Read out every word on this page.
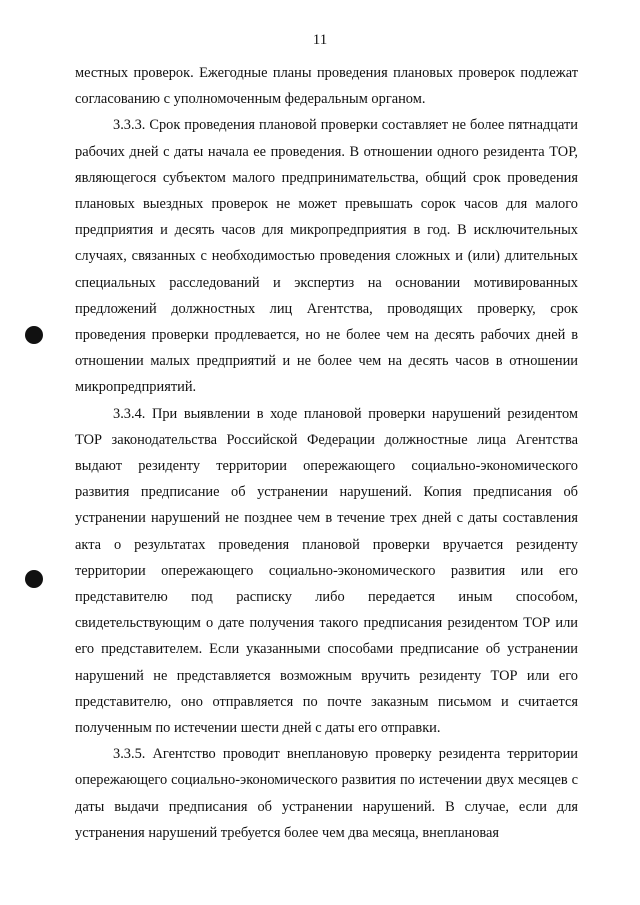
11

местных проверок. Ежегодные планы проведения плановых проверок подлежат согласованию с уполномоченным федеральным органом.

3.3.3. Срок проведения плановой проверки составляет не более пятнадцати рабочих дней с даты начала ее проведения. В отношении одного резидента ТОР, являющегося субъектом малого предпринимательства, общий срок проведения плановых выездных проверок не может превышать сорок часов для малого предприятия и десять часов для микропредприятия в год. В исключительных случаях, связанных с необходимостью проведения сложных и (или) длительных специальных расследований и экспертиз на основании мотивированных предложений должностных лиц Агентства, проводящих проверку, срок проведения проверки продлевается, но не более чем на десять рабочих дней в отношении малых предприятий и не более чем на десять часов в отношении микропредприятий.

3.3.4. При выявлении в ходе плановой проверки нарушений резидентом ТОР законодательства Российской Федерации должностные лица Агентства выдают резиденту территории опережающего социально-экономического развития предписание об устранении нарушений. Копия предписания об устранении нарушений не позднее чем в течение трех дней с даты составления акта о результатах проведения плановой проверки вручается резиденту территории опережающего социально-экономического развития или его представителю под расписку либо передается иным способом, свидетельствующим о дате получения такого предписания резидентом ТОР или его представителем. Если указанными способами предписание об устранении нарушений не представляется возможным вручить резиденту ТОР или его представителю, оно отправляется по почте заказным письмом и считается полученным по истечении шести дней с даты его отправки.

3.3.5. Агентство проводит внеплановую проверку резидента территории опережающего социально-экономического развития по истечении двух месяцев с даты выдачи предписания об устранении нарушений. В случае, если для устранения нарушений требуется более чем два месяца, внеплановая
